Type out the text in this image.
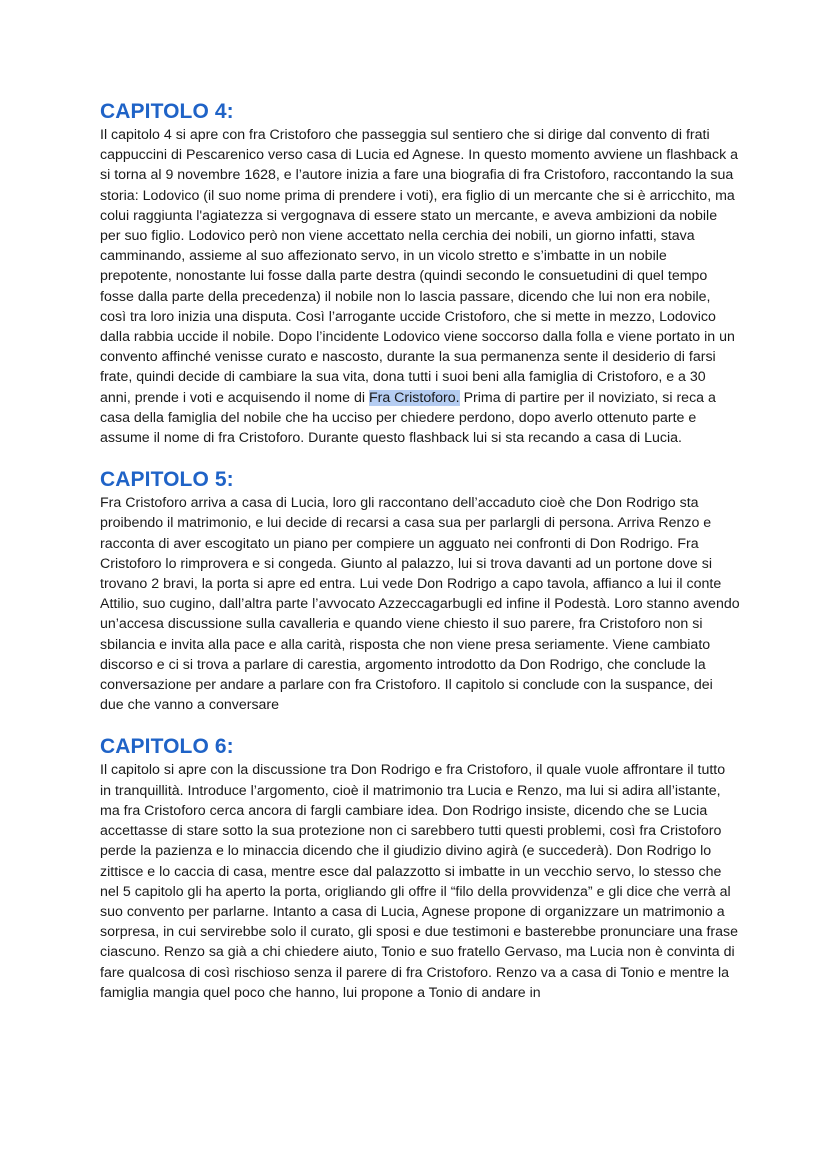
CAPITOLO 4:

Il capitolo 4 si apre con fra Cristoforo che passeggia sul sentiero che si dirige dal convento di frati cappuccini di Pescarenico verso casa di Lucia ed Agnese. In questo momento avviene un flashback a si torna al 9 novembre 1628, e l’autore inizia a fare una biografia di fra Cristoforo, raccontando la sua storia: Lodovico (il suo nome prima di prendere i voti), era figlio di un mercante che si è arricchito, ma colui raggiunta l'agiatezza si vergognava di essere stato un mercante, e aveva ambizioni da nobile per suo figlio. Lodovico però non viene accettato nella cerchia dei nobili, un giorno infatti, stava camminando, assieme al suo affezionato servo, in un vicolo stretto e s’imbatte in un nobile prepotente, nonostante lui fosse dalla parte destra (quindi secondo le consuetudini di quel tempo fosse dalla parte della precedenza) il nobile non lo lascia passare, dicendo che lui non era nobile, così tra loro inizia una disputa. Così l’arrogante uccide Cristoforo, che si mette in mezzo, Lodovico dalla rabbia uccide il nobile. Dopo l’incidente Lodovico viene soccorso dalla folla e viene portato in un convento affinché venisse curato e nascosto, durante la sua permanenza sente il desiderio di farsi frate, quindi decide di cambiare la sua vita, dona tutti i suoi beni alla famiglia di Cristoforo, e a 30 anni, prende i voti e acquisendo il nome di Fra Cristoforo. Prima di partire per il noviziato, si reca a casa della famiglia del nobile che ha ucciso per chiedere perdono, dopo averlo ottenuto parte e assume il nome di fra Cristoforo. Durante questo flashback lui si sta recando a casa di Lucia.

CAPITOLO 5:

Fra Cristoforo arriva a casa di Lucia, loro gli raccontano dell’accaduto cioè che Don Rodrigo sta proibendo il matrimonio, e lui decide di recarsi a casa sua per parlargli di persona. Arriva Renzo e racconta di aver escogitato un piano per compiere un agguato nei confronti di Don Rodrigo. Fra Cristoforo lo rimprovera e si congeda. Giunto al palazzo, lui si trova davanti ad un portone dove si trovano 2 bravi, la porta si apre ed entra. Lui vede Don Rodrigo a capo tavola, affianco a lui il conte Attilio, suo cugino, dall’altra parte l’avvocato Azzeccagarbugli ed infine il Podestà. Loro stanno avendo un’accesa discussione sulla cavalleria e quando viene chiesto il suo parere, fra Cristoforo non si sbilancia e invita alla pace e alla carità, risposta che non viene presa seriamente. Viene cambiato discorso e ci si trova a parlare di carestia, argomento introdotto da Don Rodrigo, che conclude la conversazione per andare a parlare con fra Cristoforo. Il capitolo si conclude con la suspance, dei due che vanno a conversare

CAPITOLO 6:

Il capitolo si apre con la discussione tra Don Rodrigo e fra Cristoforo, il quale vuole affrontare il tutto in tranquillità. Introduce l’argomento, cioè il matrimonio tra Lucia e Renzo, ma lui si adira all’istante, ma fra Cristoforo cerca ancora di fargli cambiare idea. Don Rodrigo insiste, dicendo che se Lucia accettasse di stare sotto la sua protezione non ci sarebbero tutti questi problemi, così fra Cristoforo perde la pazienza e lo minaccia dicendo che il giudizio divino agirà (e succederà). Don Rodrigo lo zittisce e lo caccia di casa, mentre esce dal palazzotto si imbatte in un vecchio servo, lo stesso che nel 5 capitolo gli ha aperto la porta, origliando gli offre il “filo della provvidenza” e gli dice che verrà al suo convento per parlarne. Intanto a casa di Lucia, Agnese propone di organizzare un matrimonio a sorpresa, in cui servirebbe solo il curato, gli sposi e due testimoni e basterebbe pronunciare una frase ciascuno. Renzo sa già a chi chiedere aiuto, Tonio e suo fratello Gervaso, ma Lucia non è convinta di fare qualcosa di così rischioso senza il parere di fra Cristoforo. Renzo va a casa di Tonio e mentre la famiglia mangia quel poco che hanno, lui propone a Tonio di andare in
